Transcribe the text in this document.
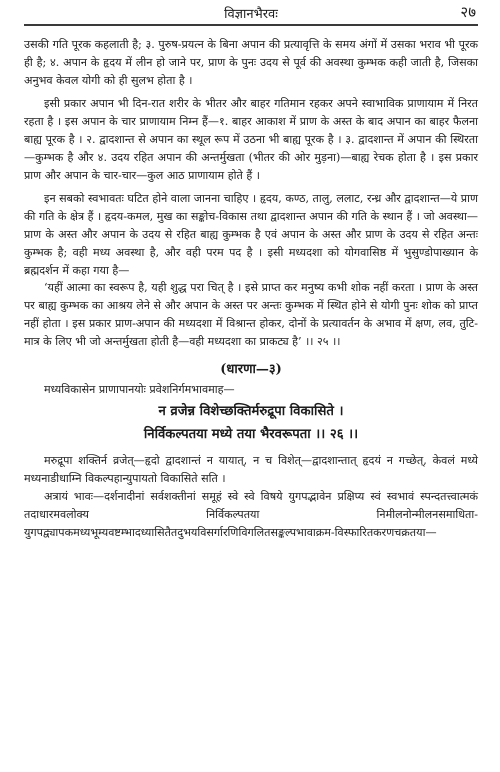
विज्ञानभैरवः	२७

उसकी गति पूरक कहलाती है; ३. पुरुष-प्रयत्न के बिना अपान की प्रत्यावृत्ति के समय अंगों में उसका भराव भी पूरक ही है; ४. अपान के हृदय में लीन हो जाने पर, प्राण के पुनः उदय से पूर्व की अवस्था कुम्भक कही जाती है, जिसका अनुभव केवल योगी को ही सुलभ होता है ।

इसी प्रकार अपान भी दिन-रात शरीर के भीतर और बाहर गतिमान रहकर अपने स्वाभाविक प्राणायाम में निरत रहता है । इस अपान के चार प्राणायाम निम्न हैं—१. बाहर आकाश में प्राण के अस्त के बाद अपान का बाहर फैलना बाह्य पूरक है । २. द्वादशान्त से अपान का स्थूल रूप में उठना भी बाह्य पूरक है । ३. द्वादशान्त में अपान की स्थिरता—कुम्भक है और ४. उदय रहित अपान की अन्तर्मुखता (भीतर की ओर मुड़ना)—बाह्य रेचक होता है । इस प्रकार प्राण और अपान के चार-चार—कुल आठ प्राणायाम होते हैं ।

इन सबको स्वभावतः घटित होने वाला जानना चाहिए । हृदय, कण्ठ, तालु, ललाट, रन्ध्र और द्वादशान्त—ये प्राण की गति के क्षेत्र हैं । हृदय-कमल, मुख का सङ्कोच-विकास तथा द्वादशान्त अपान की गति के स्थान हैं । जो अवस्था—प्राण के अस्त और अपान के उदय से रहित बाह्य कुम्भक है एवं अपान के अस्त और प्राण के उदय से रहित अन्तः कुम्भक है; वही मध्य अवस्था है, और वही परम पद है । इसी मध्यदशा को योगवासिष्ठ में भुसुण्डोपाख्यान के ब्रह्मदर्शन में कहा गया है—

‘यहीं आत्मा का स्वरूप है, यही शुद्ध परा चित् है । इसे प्राप्त कर मनुष्य कभी शोक नहीं करता । प्राण के अस्त पर बाह्य कुम्भक का आश्रय लेने से और अपान के अस्त पर अन्तः कुम्भक में स्थित होने से योगी पुनः शोक को प्राप्त नहीं होता । इस प्रकार प्राण-अपान की मध्यदशा में विश्रान्त होकर, दोनों के प्रत्यावर्तन के अभाव में क्षण, लव, तुटि-मात्र के लिए भी जो अन्तर्मुखता होती है—वही मध्यदशा का प्राकट्य है’ ।। २५ ।।

(धारणा—३)

मध्यविकासेन प्राणापानयोः प्रवेशनिर्गमभावमाह—

न व्रजेन्न विशेच्छक्तिर्मरुद्रूपा विकासिते ।
निर्विकल्पतया मध्ये तया भैरवरूपता ।। २६ ।।

मरुद्रूपा शक्तिर्न व्रजेत्—हृदो द्वादशान्तं न यायात्, न च विशेत्—द्वादशान्तात् हृदयं न गच्छेत्, केवलं मध्ये मध्यनाडीधाम्नि विकल्पहान्युपायतो विकासिते सति ।

अत्रायं भावः—दर्शनादीनां सर्वशक्तीनां समूहं स्वे स्वे विषये युगपद्भावेन प्रक्षिप्य स्वं स्वभावं स्पन्दतत्त्वात्मकं तदाधारमवलोक्य निर्विकल्पतया निमीलनोन्मीलनसमाधिता-युगपद्व्यापकमध्यभूम्यवष्टम्भादध्यासितैतदुभयविसर्गारणिविगलितसङ्कल्पभावाक्रम-विस्फारितकरणचक्रतया—
